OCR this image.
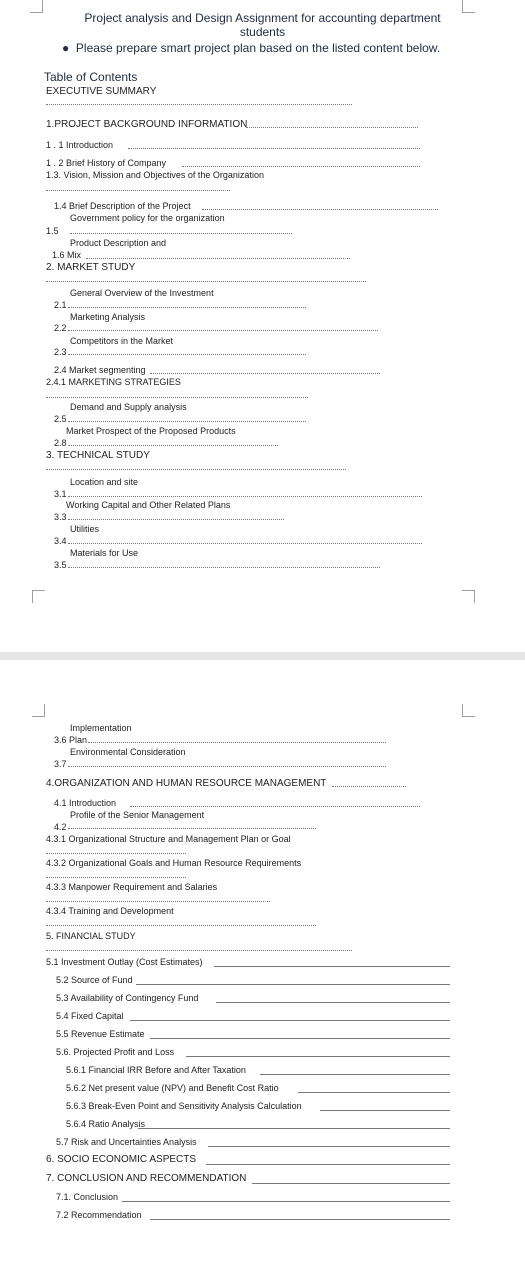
Project analysis and Design Assignment for accounting department
students
● Please prepare smart project plan based on the listed content below.
Table of Contents
EXECUTIVE SUMMARY
1.PROJECT BACKGROUND INFORMATION
1 . 1 Introduction
1 . 2 Brief History of Company
1.3. Vision, Mission and Objectives of the Organization
1.4 Brief Description of the Project
Government policy for the organization
1.5
Product Description and
1.6 Mix
2. MARKET STUDY
General Overview of the Investment
2.1
Marketing Analysis
2.2
Competitors in the Market
2.3
2.4 Market segmenting
2.4.1 MARKETING STRATEGIES
Demand and Supply analysis
2.5
Market Prospect of the Proposed Products
2.8
3. TECHNICAL STUDY
Location and site
3.1
Working Capital and Other Related Plans
3.3
Utilities
3.4
Materials for Use
3.5
Implementation
3.6 Plan
Environmental Consideration
3.7
4.ORGANIZATION AND HUMAN RESOURCE MANAGEMENT
4.1 Introduction
Profile of the Senior Management
4.2
4.3.1 Organizational Structure and Management Plan or Goal
4.3.2 Organizational Goals and Human Resource Requirements
4.3.3 Manpower Requirement and Salaries
4.3.4 Training and Development
5. FINANCIAL STUDY
5.1 Investment Outlay (Cost Estimates)
5.2 Source of Fund
5.3 Availability of Contingency Fund
5.4 Fixed Capital
5.5 Revenue Estimate
5.6. Projected Profit and Loss
5.6.1 Financial IRR Before and After Taxation
5.6.2 Net present value (NPV) and Benefit Cost Ratio
5.6.3 Break-Even Point and Sensitivity Analysis Calculation
5.6.4 Ratio Analysis
5.7 Risk and Uncertainties Analysis
6. SOCIO ECONOMIC ASPECTS
7. CONCLUSION AND RECOMMENDATION
7.1. Conclusion
7.2 Recommendation
